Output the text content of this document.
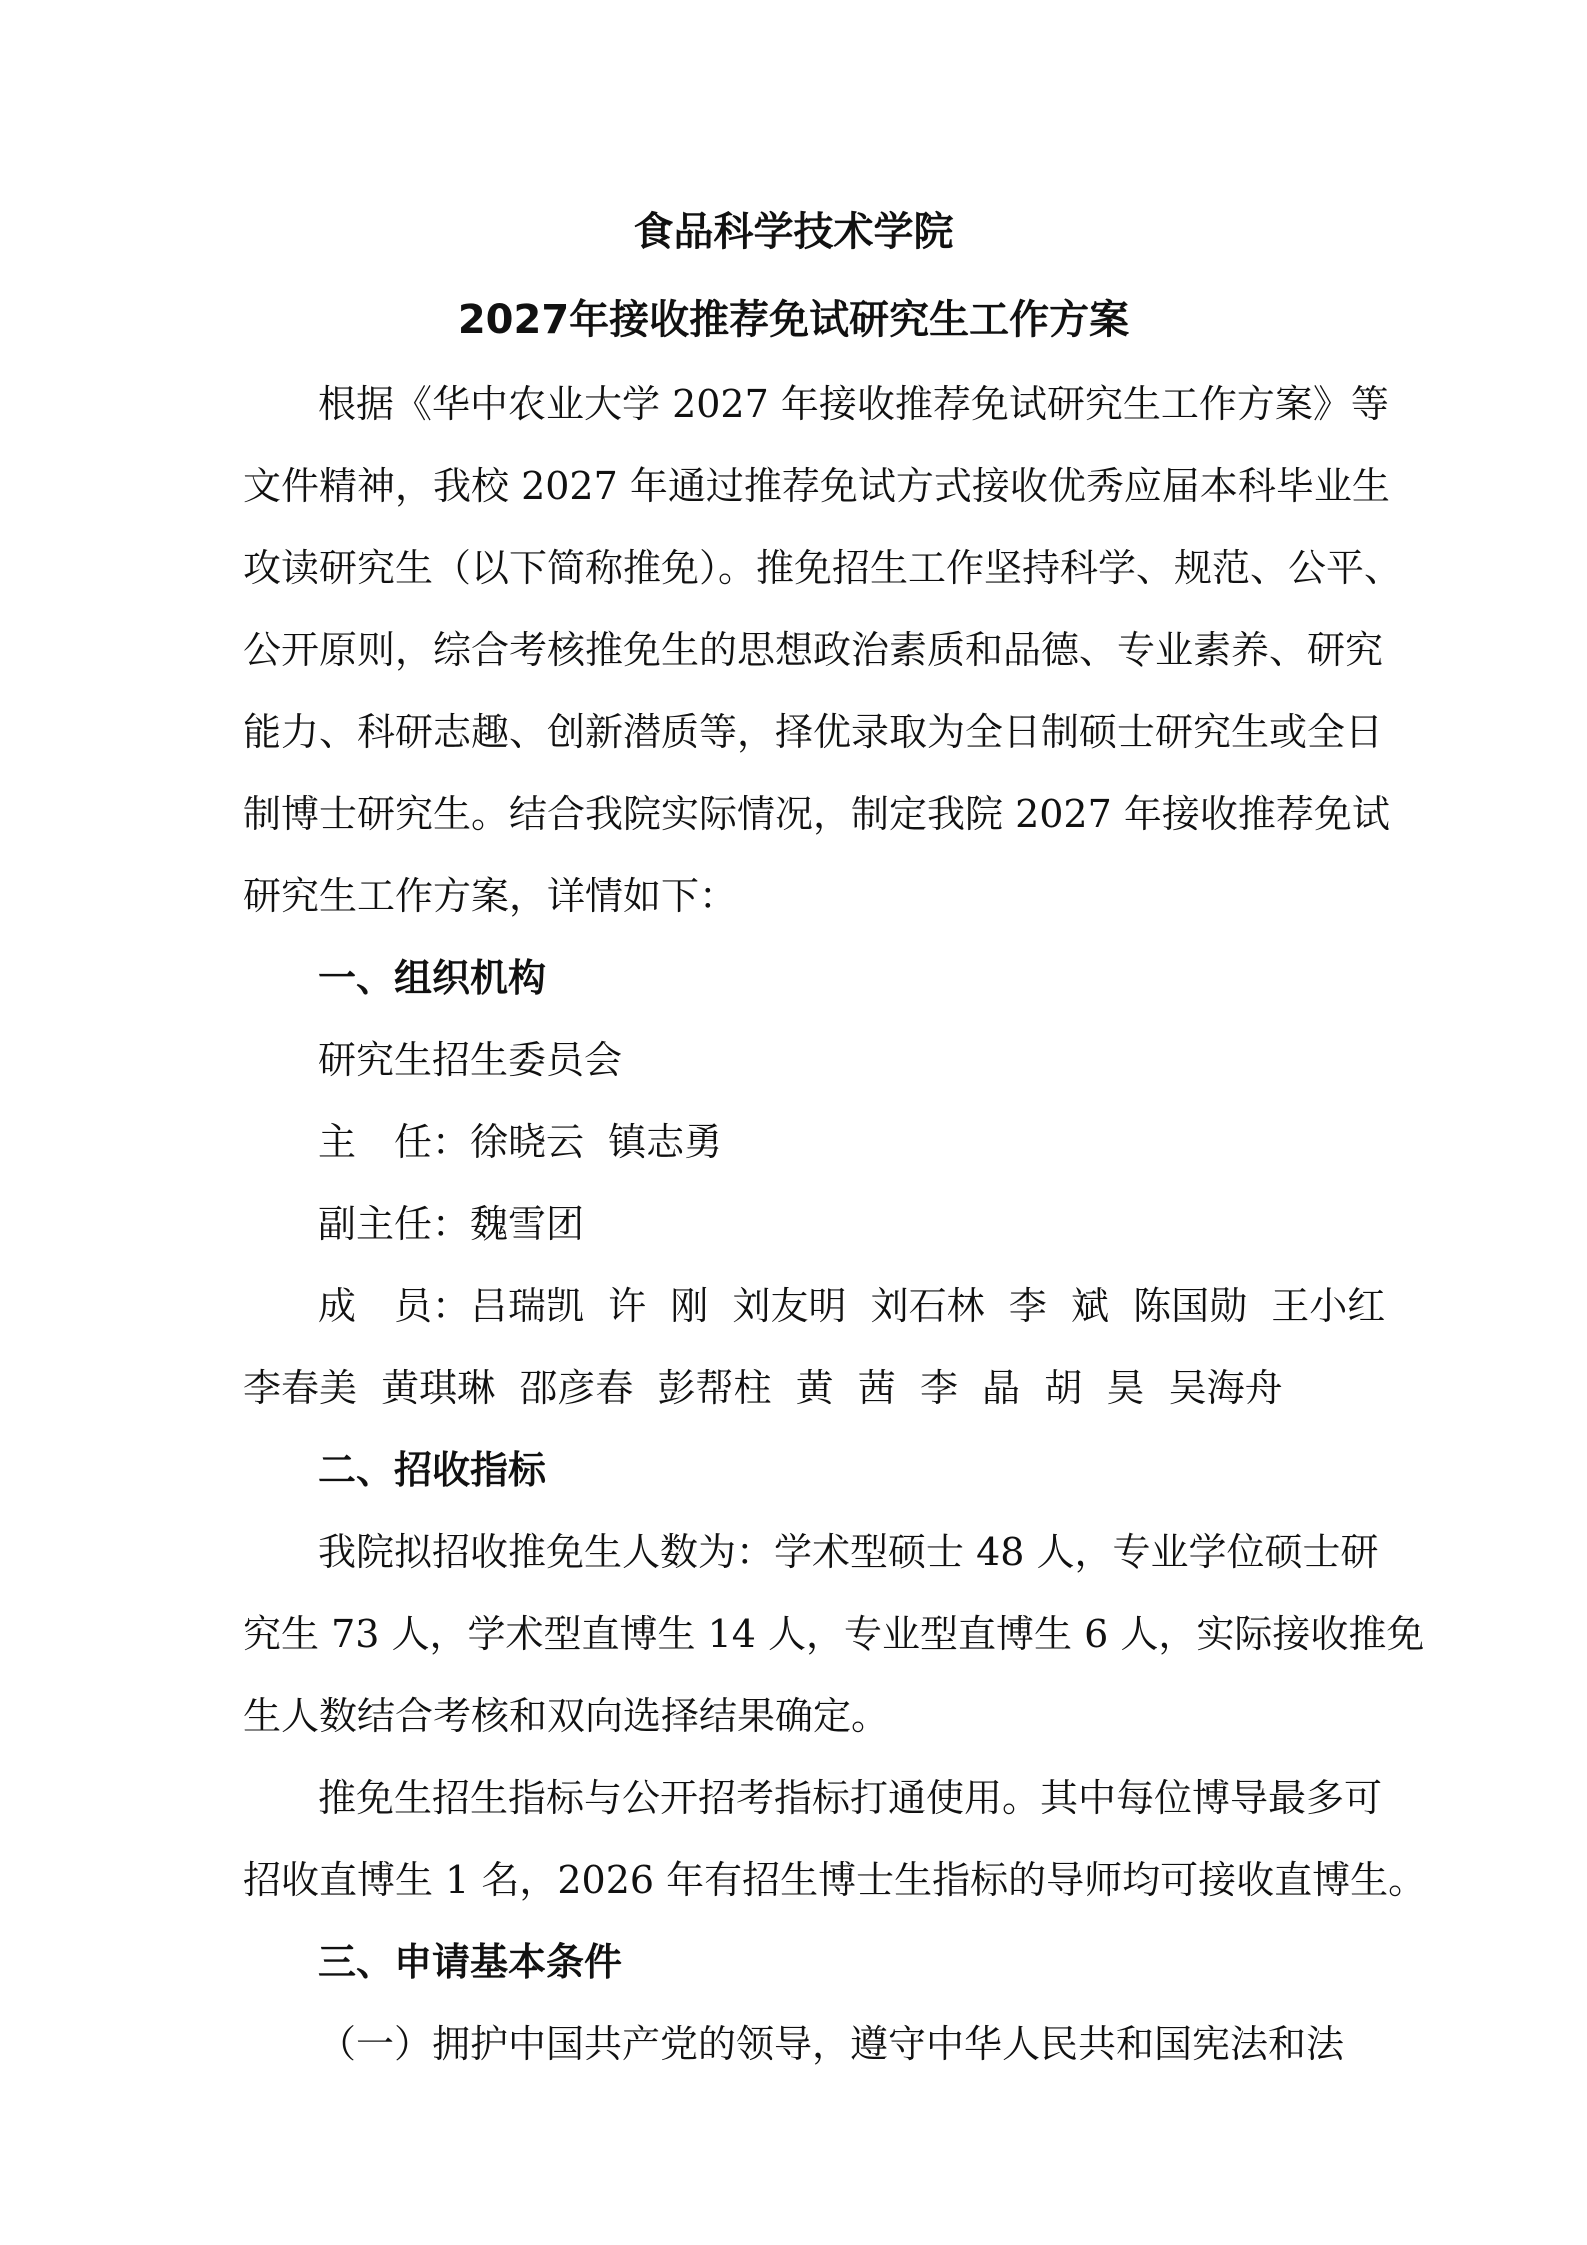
食品科学技术学院
2027年接收推荐免试研究生工作方案
根据《华中农业大学 2027 年接收推荐免试研究生工作方案》等
文件精神，我校 2027 年通过推荐免试方式接收优秀应届本科毕业生
攻读研究生（以下简称推免）。推免招生工作坚持科学、规范、公平、
公开原则，综合考核推免生的思想政治素质和品德、专业素养、研究
能力、科研志趣、创新潜质等，择优录取为全日制硕士研究生或全日
制博士研究生。结合我院实际情况，制定我院 2027 年接收推荐免试
研究生工作方案，详情如下：
一、组织机构
研究生招生委员会
主　任：徐晓云  镇志勇
副主任：魏雪团
成　员：吕瑞凯  许  刚  刘友明  刘石林  李  斌  陈国勋  王小红
李春美  黄琪琳  邵彦春  彭帮柱  黄  茜  李  晶  胡  昊  吴海舟
二、招收指标
我院拟招收推免生人数为：学术型硕士 48 人，专业学位硕士研
究生 73 人，学术型直博生 14 人，专业型直博生 6 人，实际接收推免
生人数结合考核和双向选择结果确定。
推免生招生指标与公开招考指标打通使用。其中每位博导最多可
招收直博生 1 名，2026 年有招生博士生指标的导师均可接收直博生。
三、申请基本条件
（一）拥护中国共产党的领导，遵守中华人民共和国宪法和法
